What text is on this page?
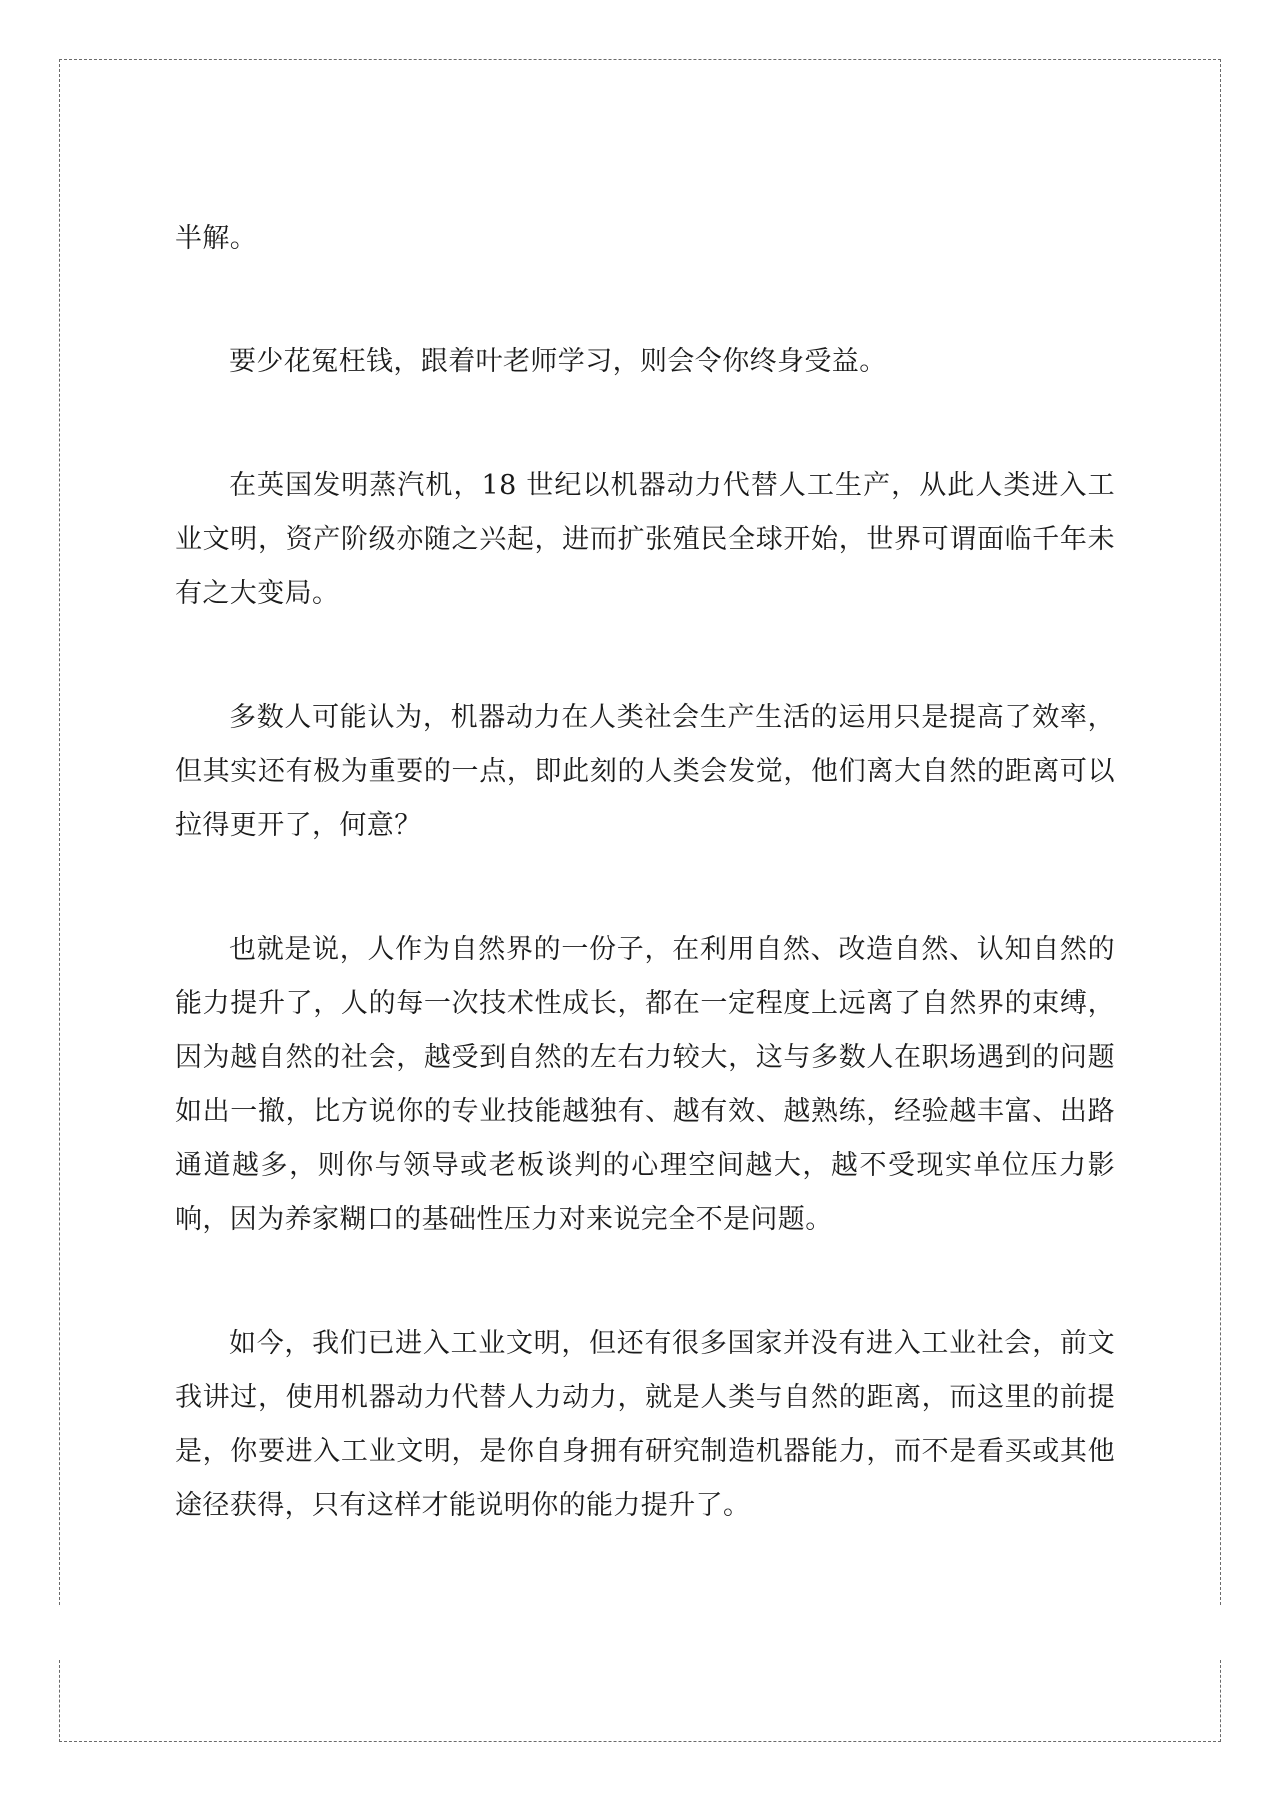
半解。

要少花冤枉钱，跟着叶老师学习，则会令你终身受益。

在英国发明蒸汽机，18 世纪以机器动力代替人工生产，从此人类进入工业文明，资产阶级亦随之兴起，进而扩张殖民全球开始，世界可谓面临千年未有之大变局。

多数人可能认为，机器动力在人类社会生产生活的运用只是提高了效率，但其实还有极为重要的一点，即此刻的人类会发觉，他们离大自然的距离可以拉得更开了，何意？

也就是说，人作为自然界的一份子，在利用自然、改造自然、认知自然的能力提升了，人的每一次技术性成长，都在一定程度上远离了自然界的束缚，因为越自然的社会，越受到自然的左右力较大，这与多数人在职场遇到的问题如出一撤，比方说你的专业技能越独有、越有效、越熟练，经验越丰富、出路通道越多，则你与领导或老板谈判的心理空间越大，越不受现实单位压力影响，因为养家糊口的基础性压力对来说完全不是问题。

如今，我们已进入工业文明，但还有很多国家并没有进入工业社会，前文我讲过，使用机器动力代替人力动力，就是人类与自然的距离，而这里的前提是，你要进入工业文明，是你自身拥有研究制造机器能力，而不是看买或其他途径获得，只有这样才能说明你的能力提升了。
